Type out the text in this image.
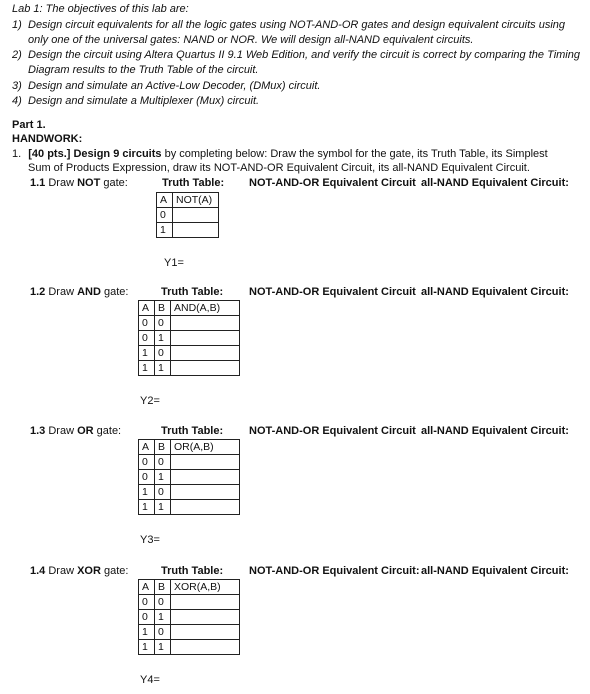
Lab 1: The objectives of this lab are:
1) Design circuit equivalents for all the logic gates using NOT-AND-OR gates and design equivalent circuits using only one of the universal gates: NAND or NOR. We will design all-NAND equivalent circuits.
2) Design the circuit using Altera Quartus II 9.1 Web Edition, and verify the circuit is correct by comparing the Timing Diagram results to the Truth Table of the circuit.
3) Design and simulate an Active-Low Decoder, (DMux) circuit.
4) Design and simulate a Multiplexer (Mux) circuit.
Part 1.
HANDWORK:
1. [40 pts.] Design 9 circuits by completing below: Draw the symbol for the gate, its Truth Table, its Simplest
Sum of Products Expression, draw its NOT-AND-OR Equivalent Circuit, its all-NAND Equivalent Circuit.
1.1 Draw NOT gate:	Truth Table: NOT-AND-OR Equivalent Circuit all-NAND Equivalent Circuit:
A	NOT(A)
0	
1	
Y1=
1.2 Draw AND gate:	Truth Table: NOT-AND-OR Equivalent Circuit all-NAND Equivalent Circuit:
A	B	AND(A,B)
0	0	
0	1	
1	0	
1	1	
Y2=
1.3 Draw OR gate:	Truth Table: NOT-AND-OR Equivalent Circuit all-NAND Equivalent Circuit:
A	B	OR(A,B)
0	0	
0	1	
1	0	
1	1	
Y3=
1.4 Draw XOR gate:	Truth Table: NOT-AND-OR Equivalent Circuit: all-NAND Equivalent Circuit:
A	B	XOR(A,B)
0	0	
0	1	
1	0	
1	1	
Y4=
